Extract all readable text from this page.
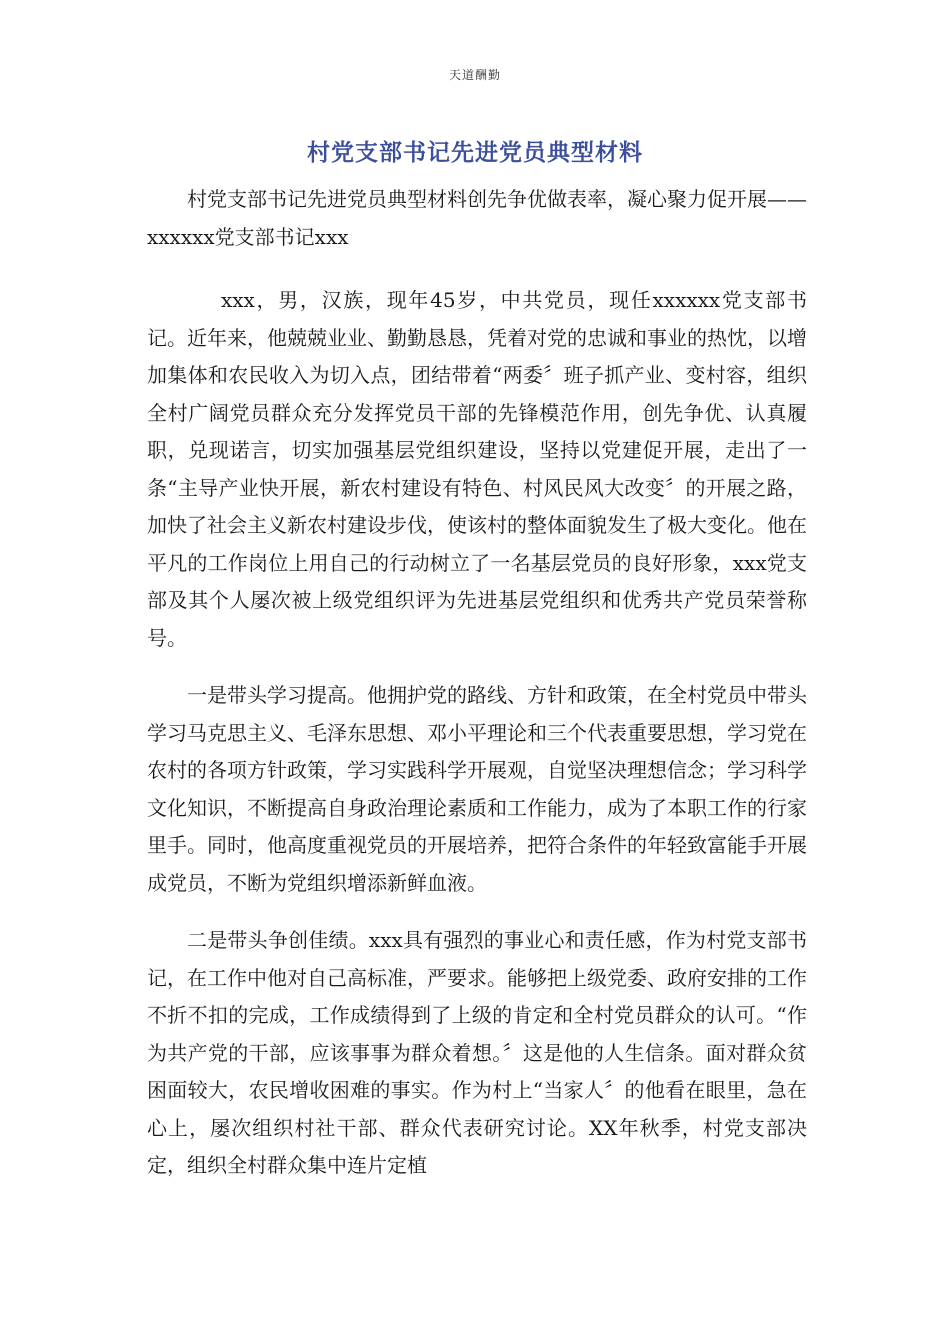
天道酬勤
村党支部书记先进党员典型材料

村党支部书记先进党员典型材料创先争优做表率，凝心聚力促开展——xxxxxx党支部书记xxx

xxx，男，汉族，现年45岁，中共党员，现任xxxxxx党支部书记。近年来，他兢兢业业、勤勤恳恳，凭着对党的忠诚和事业的热忱，以增加集体和农民收入为切入点，团结带着“两委〞班子抓产业、变村容，组织全村广阔党员群众充分发挥党员干部的先锋模范作用，创先争优、认真履职，兑现诺言，切实加强基层党组织建设，坚持以党建促开展，走出了一条“主导产业快开展，新农村建设有特色、村风民风大改变〞的开展之路，加快了社会主义新农村建设步伐，使该村的整体面貌发生了极大变化。他在平凡的工作岗位上用自己的行动树立了一名基层党员的良好形象，xxx党支部及其个人屡次被上级党组织评为先进基层党组织和优秀共产党员荣誉称号。

一是带头学习提高。他拥护党的路线、方针和政策，在全村党员中带头学习马克思主义、毛泽东思想、邓小平理论和三个代表重要思想，学习党在农村的各项方针政策，学习实践科学开展观，自觉坚决理想信念；学习科学文化知识，不断提高自身政治理论素质和工作能力，成为了本职工作的行家里手。同时，他高度重视党员的开展培养，把符合条件的年轻致富能手开展成党员，不断为党组织增添新鲜血液。

二是带头争创佳绩。xxx具有强烈的事业心和责任感，作为村党支部书记，在工作中他对自己高标准，严要求。能够把上级党委、政府安排的工作不折不扣的完成，工作成绩得到了上级的肯定和全村党员群众的认可。“作为共产党的干部，应该事事为群众着想。〞这是他的人生信条。面对群众贫困面较大，农民增收困难的事实。作为村上“当家人〞的他看在眼里，急在心上，屡次组织村社干部、群众代表研究讨论。XX年秋季，村党支部决定，组织全村群众集中连片定植
